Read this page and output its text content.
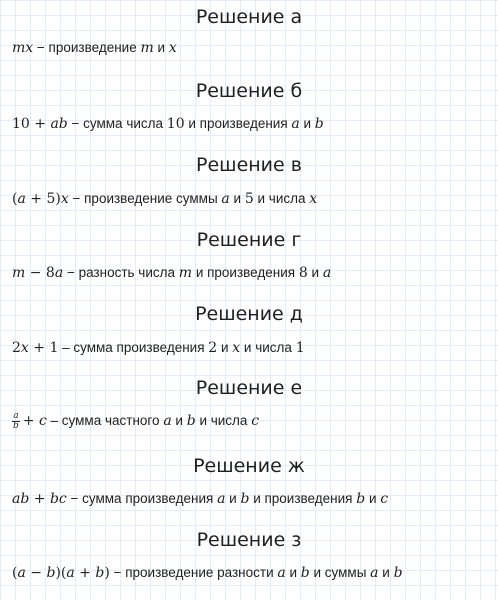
Решение а
mx − произведение m и x
Решение б
10 + ab − сумма числа 10 и произведения a и b
Решение в
(a + 5)x − произведение суммы a и 5 и числа x
Решение г
m − 8a − разность числа m и произведения 8 и a
Решение д
2x + 1 – сумма произведения 2 и x и числа 1
Решение е
$\frac{a}{b} + c$ – сумма частного a и b и числа c
Решение ж
ab + bc − сумма произведения a и b и произведения b и c
Решение з
(a − b)(a + b) − произведение разности a и b и суммы a и b
